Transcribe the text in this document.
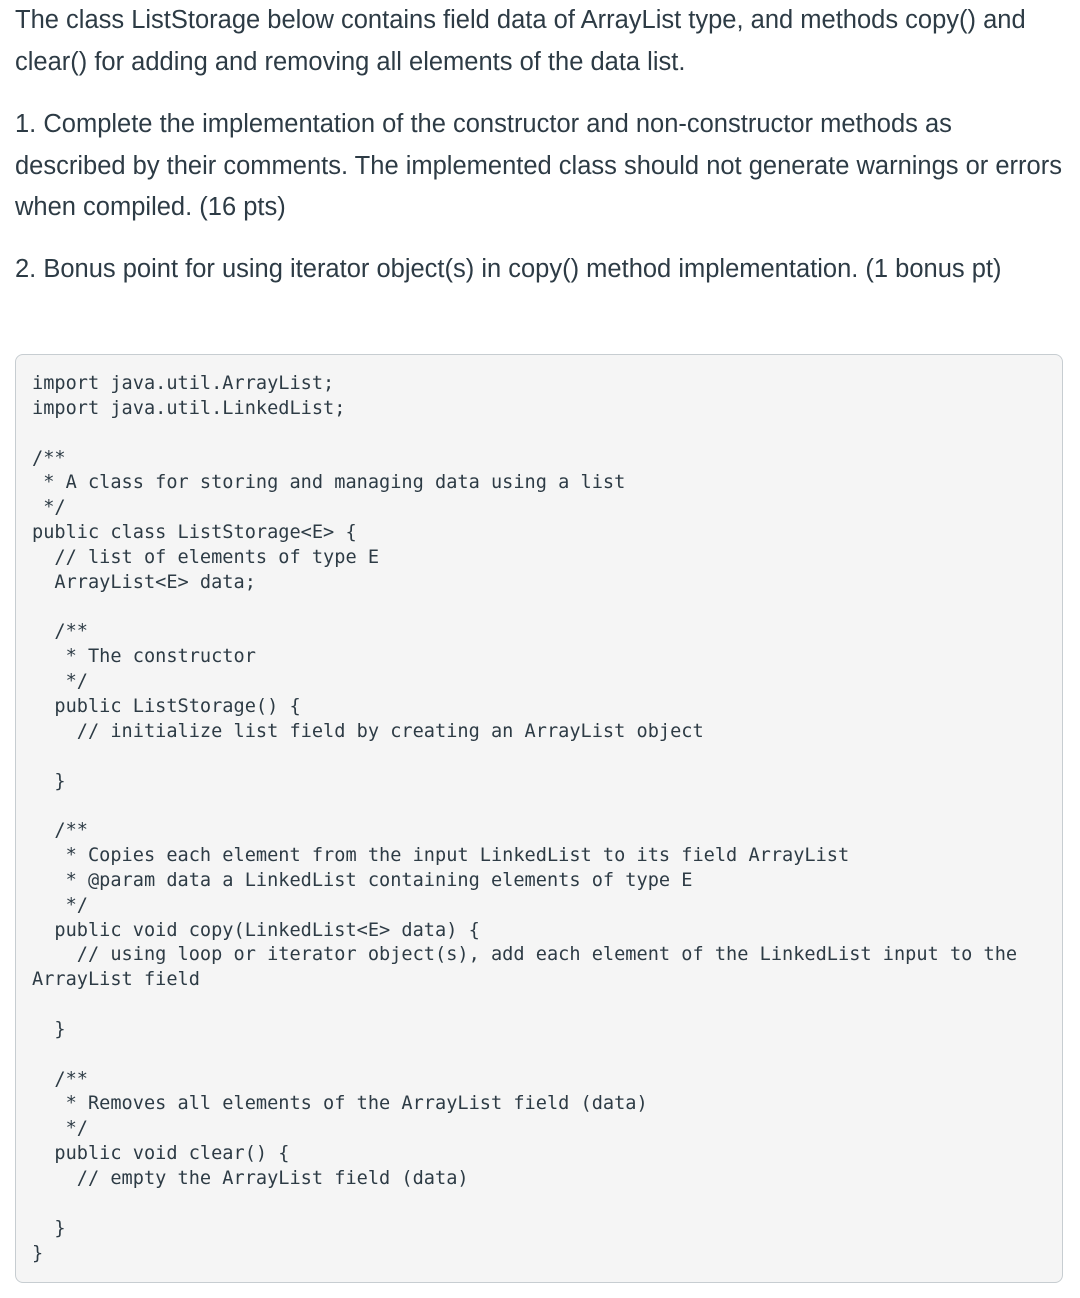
The class ListStorage below contains field data of ArrayList type, and methods copy() and clear() for adding and removing all elements of the data list.

1. Complete the implementation of the constructor and non-constructor methods as described by their comments. The implemented class should not generate warnings or errors when compiled. (16 pts)

2. Bonus point for using iterator object(s) in copy() method implementation. (1 bonus pt)

import java.util.ArrayList;
import java.util.LinkedList;

/**
* A class for storing and managing data using a list
*/
public class ListStorage<E> {
// list of elements of type E
ArrayList<E> data;

/**
* The constructor
*/
public ListStorage() {
// initialize list field by creating an ArrayList object

}

/**
* Copies each element from the input LinkedList to its field ArrayList
* @param data a LinkedList containing elements of type E
*/
public void copy(LinkedList<E> data) {
// using loop or iterator object(s), add each element of the LinkedList input to the
ArrayList field

}

/**
* Removes all elements of the ArrayList field (data)
*/
public void clear() {
// empty the ArrayList field (data)

}
}
